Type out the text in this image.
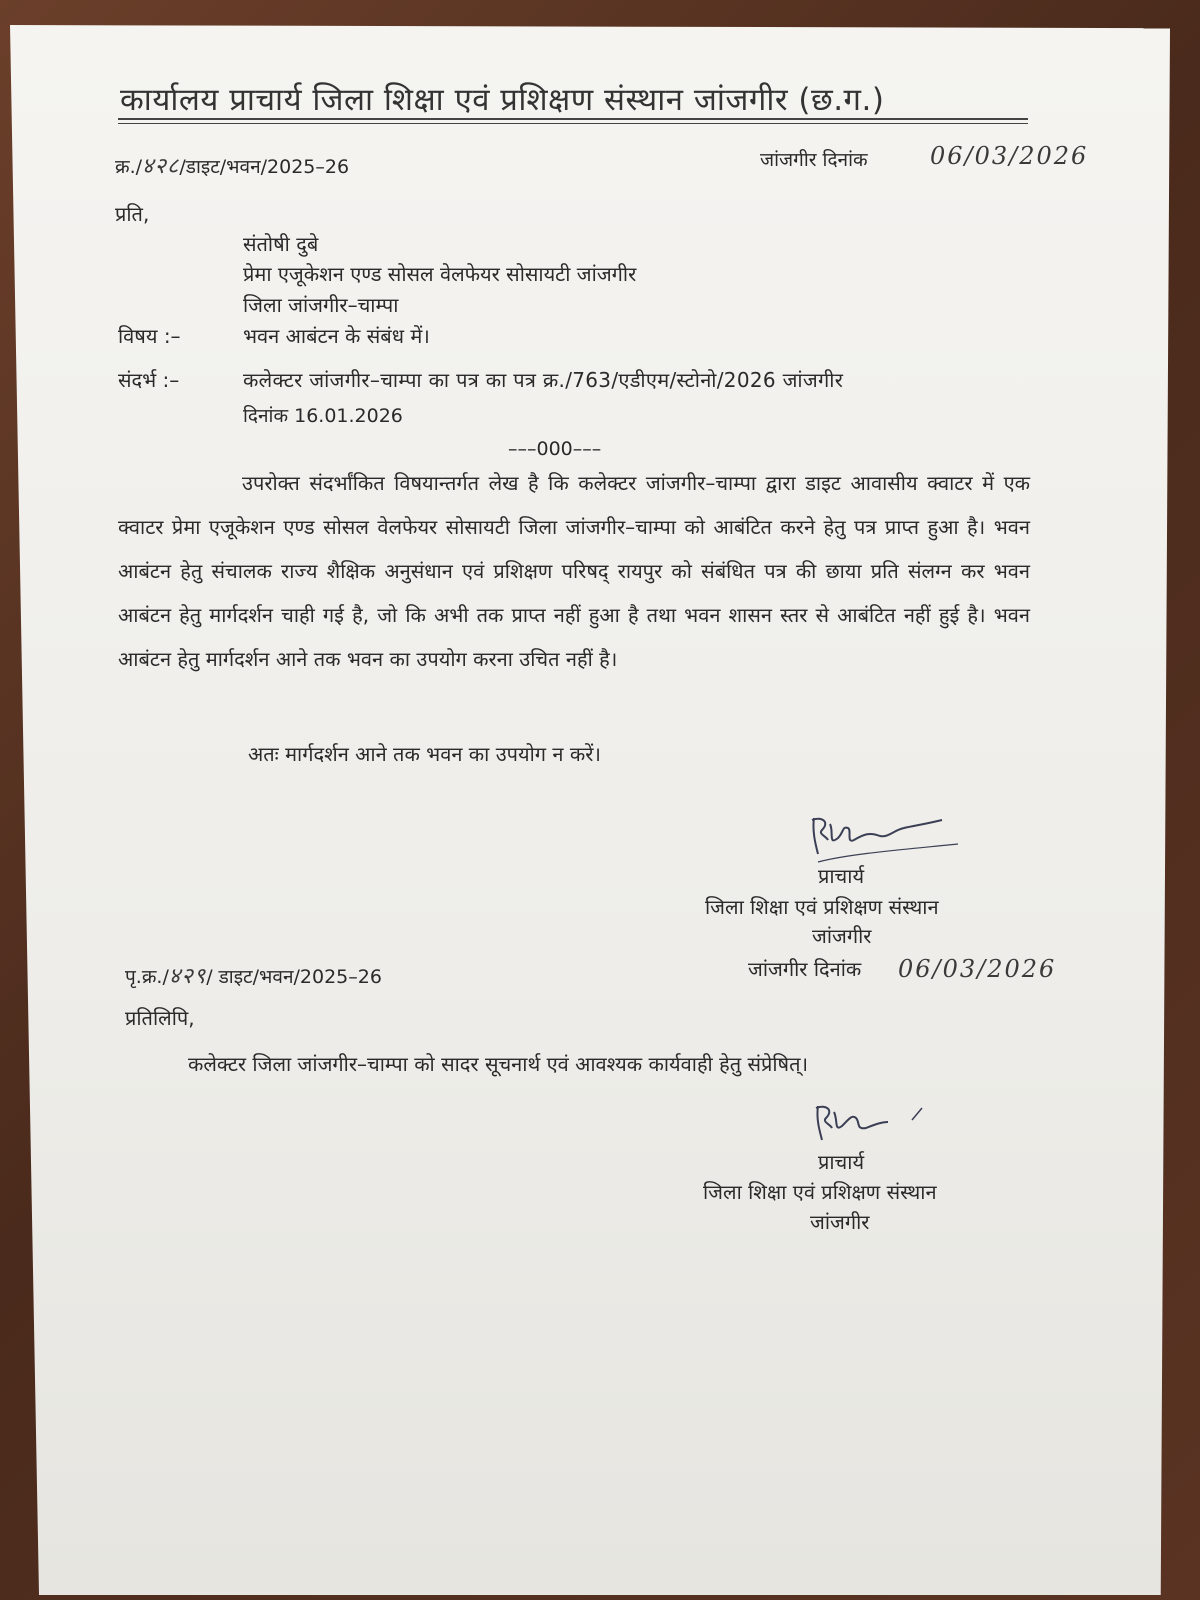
कार्यालय प्राचार्य जिला शिक्षा एवं प्रशिक्षण संस्थान जांजगीर (छ.ग.)
क्र./४२८/डाइट/भवन/2025–26	जांजगीर दिनांक	06/03/2026
प्रति,
संतोषी दुबे
प्रेमा एजूकेशन एण्ड सोसल वेलफेयर सोसायटी जांजगीर
जिला जांजगीर–चाम्पा
विषय :–	भवन आबंटन के संबंध में।
संदर्भ :–	कलेक्टर जांजगीर–चाम्पा का पत्र का पत्र क्र./763/एडीएम/स्टोनो/2026 जांजगीर
दिनांक 16.01.2026
–––000–––
उपरोक्त संदर्भांकित विषयान्तर्गत लेख है कि कलेक्टर जांजगीर–चाम्पा द्वारा डाइट आवासीय क्वाटर में एक क्वाटर प्रेमा एजूकेशन एण्ड सोसल वेलफेयर सोसायटी जिला जांजगीर–चाम्पा को आबंटित करने हेतु पत्र प्राप्त हुआ है। भवन आबंटन हेतु संचालक राज्य शैक्षिक अनुसंधान एवं प्रशिक्षण परिषद् रायपुर को संबंधित पत्र की छाया प्रति संलग्न कर भवन आबंटन हेतु मार्गदर्शन चाही गई है, जो कि अभी तक प्राप्त नहीं हुआ है तथा भवन शासन स्तर से आबंटित नहीं हुई है। भवन आबंटन हेतु मार्गदर्शन आने तक भवन का उपयोग करना उचित नहीं है।
अतः मार्गदर्शन आने तक भवन का उपयोग न करें।
प्राचार्य
जिला शिक्षा एवं प्रशिक्षण संस्थान
जांजगीर
पृ.क्र./४२९/ डाइट/भवन/2025–26	जांजगीर दिनांक 06/03/2026
प्रतिलिपि,
कलेक्टर जिला जांजगीर–चाम्पा को सादर सूचनार्थ एवं आवश्यक कार्यवाही हेतु संप्रेषित्।
प्राचार्य
जिला शिक्षा एवं प्रशिक्षण संस्थान
जांजगीर
